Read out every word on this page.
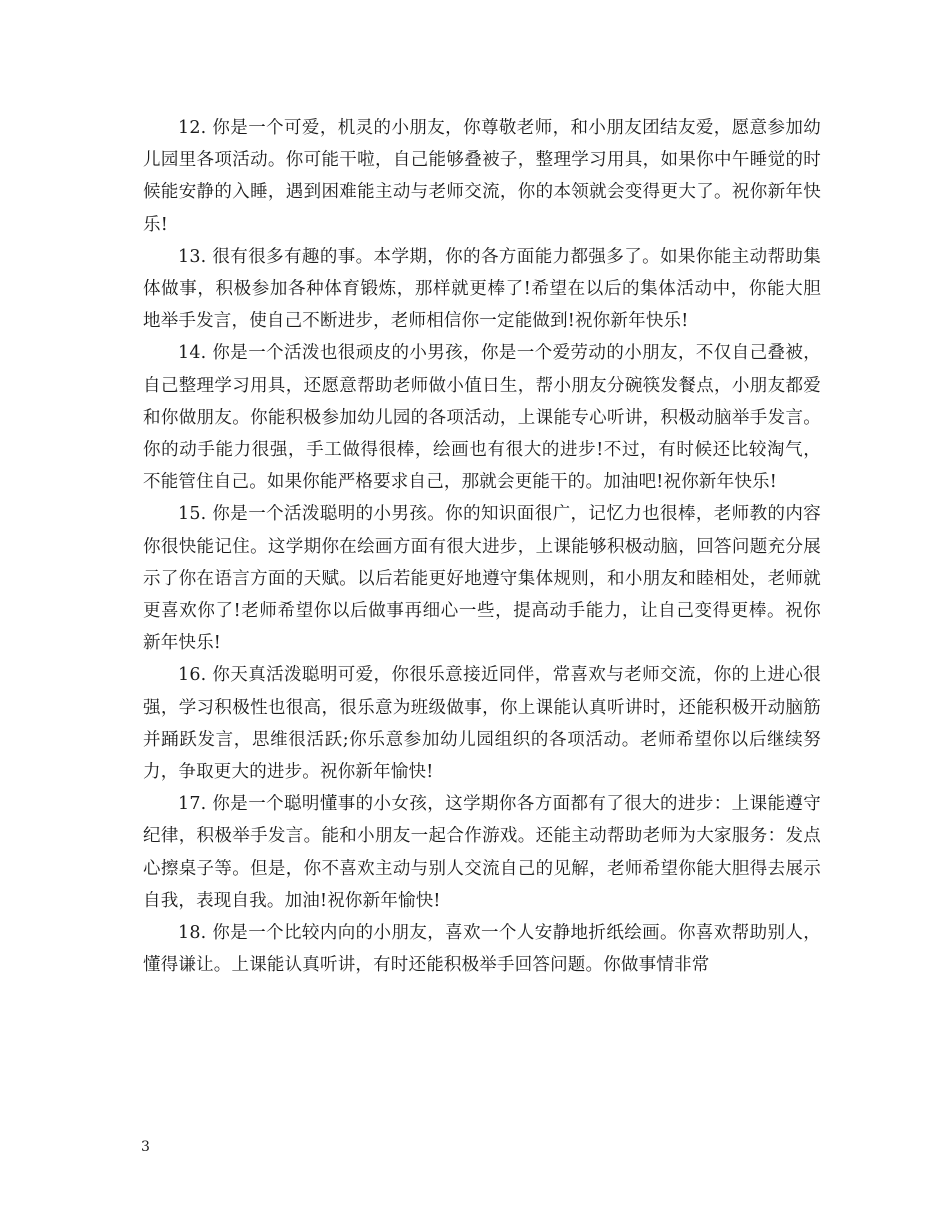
12. 你是一个可爱，机灵的小朋友，你尊敬老师，和小朋友团结友爱，愿意参加幼儿园里各项活动。你可能干啦，自己能够叠被子，整理学习用具，如果你中午睡觉的时候能安静的入睡，遇到困难能主动与老师交流，你的本领就会变得更大了。祝你新年快乐!

13. 很有很多有趣的事。本学期，你的各方面能力都强多了。如果你能主动帮助集体做事，积极参加各种体育锻炼，那样就更棒了!希望在以后的集体活动中，你能大胆地举手发言，使自己不断进步，老师相信你一定能做到!祝你新年快乐!

14. 你是一个活泼也很顽皮的小男孩，你是一个爱劳动的小朋友，不仅自己叠被，自己整理学习用具，还愿意帮助老师做小值日生，帮小朋友分碗筷发餐点，小朋友都爱和你做朋友。你能积极参加幼儿园的各项活动，上课能专心听讲，积极动脑举手发言。你的动手能力很强，手工做得很棒，绘画也有很大的进步!不过，有时候还比较淘气，不能管住自己。如果你能严格要求自己，那就会更能干的。加油吧!祝你新年快乐!

15. 你是一个活泼聪明的小男孩。你的知识面很广，记忆力也很棒，老师教的内容你很快能记住。这学期你在绘画方面有很大进步，上课能够积极动脑，回答问题充分展示了你在语言方面的天赋。以后若能更好地遵守集体规则，和小朋友和睦相处，老师就更喜欢你了!老师希望你以后做事再细心一些，提高动手能力，让自己变得更棒。祝你新年快乐!

16. 你天真活泼聪明可爱，你很乐意接近同伴，常喜欢与老师交流，你的上进心很强，学习积极性也很高，很乐意为班级做事，你上课能认真听讲时，还能积极开动脑筋并踊跃发言，思维很活跃;你乐意参加幼儿园组织的各项活动。老师希望你以后继续努力，争取更大的进步。祝你新年愉快!

17. 你是一个聪明懂事的小女孩，这学期你各方面都有了很大的进步：上课能遵守纪律，积极举手发言。能和小朋友一起合作游戏。还能主动帮助老师为大家服务：发点心擦桌子等。但是，你不喜欢主动与别人交流自己的见解，老师希望你能大胆得去展示自我，表现自我。加油!祝你新年愉快!

18. 你是一个比较内向的小朋友，喜欢一个人安静地折纸绘画。你喜欢帮助别人，懂得谦让。上课能认真听讲，有时还能积极举手回答问题。你做事情非常

3
